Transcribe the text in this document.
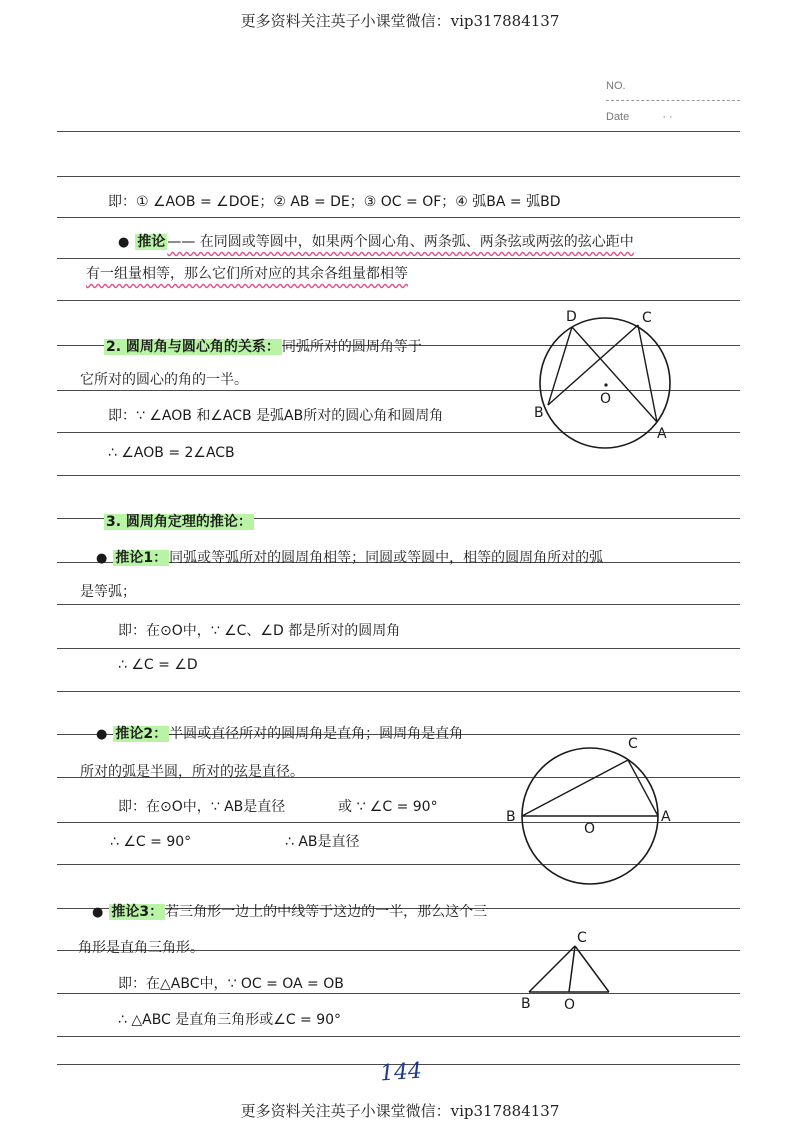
更多资料关注英子小课堂微信：vip317884137
NO.
Date	· ·
即：① ∠AOB = ∠DOE；② AB = DE；③ OC = OF；④ 弧BA = 弧BD
● 推论 —— 在同圆或等圆中，如果两个圆心角、两条弧、两条弦或两弦的弦心距中
有一组量相等，那么它们所对应的其余各组量都相等
2. 圆周角与圆心角的关系： 同弧所对的圆周角等于
它所对的圆心的角的一半。
即：∵ ∠AOB 和∠ACB 是弧AB所对的圆心角和圆周角
∴ ∠AOB = 2∠ACB
3. 圆周角定理的推论：
● 推论1： 同弧或等弧所对的圆周角相等；同圆或等圆中，相等的圆周角所对的弧
是等弧；
即：在⊙O中，∵ ∠C、∠D 都是所对的圆周角
∴ ∠C = ∠D
● 推论2： 半圆或直径所对的圆周角是直角；圆周角是直角
所对的弧是半圆，所对的弦是直径。
即：在⊙O中，∵ AB是直径	或 ∵ ∠C = 90°
∴ ∠C = 90°	∴ AB是直径
● 推论3： 若三角形一边上的中线等于这边的一半，那么这个三
角形是直角三角形。
即：在△ABC中，∵ OC = OA = OB
∴ △ABC 是直角三角形或∠C = 90°
D	C
O
B
A
C
B
O
A
C
B O
144
更多资料关注英子小课堂微信：vip317884137
